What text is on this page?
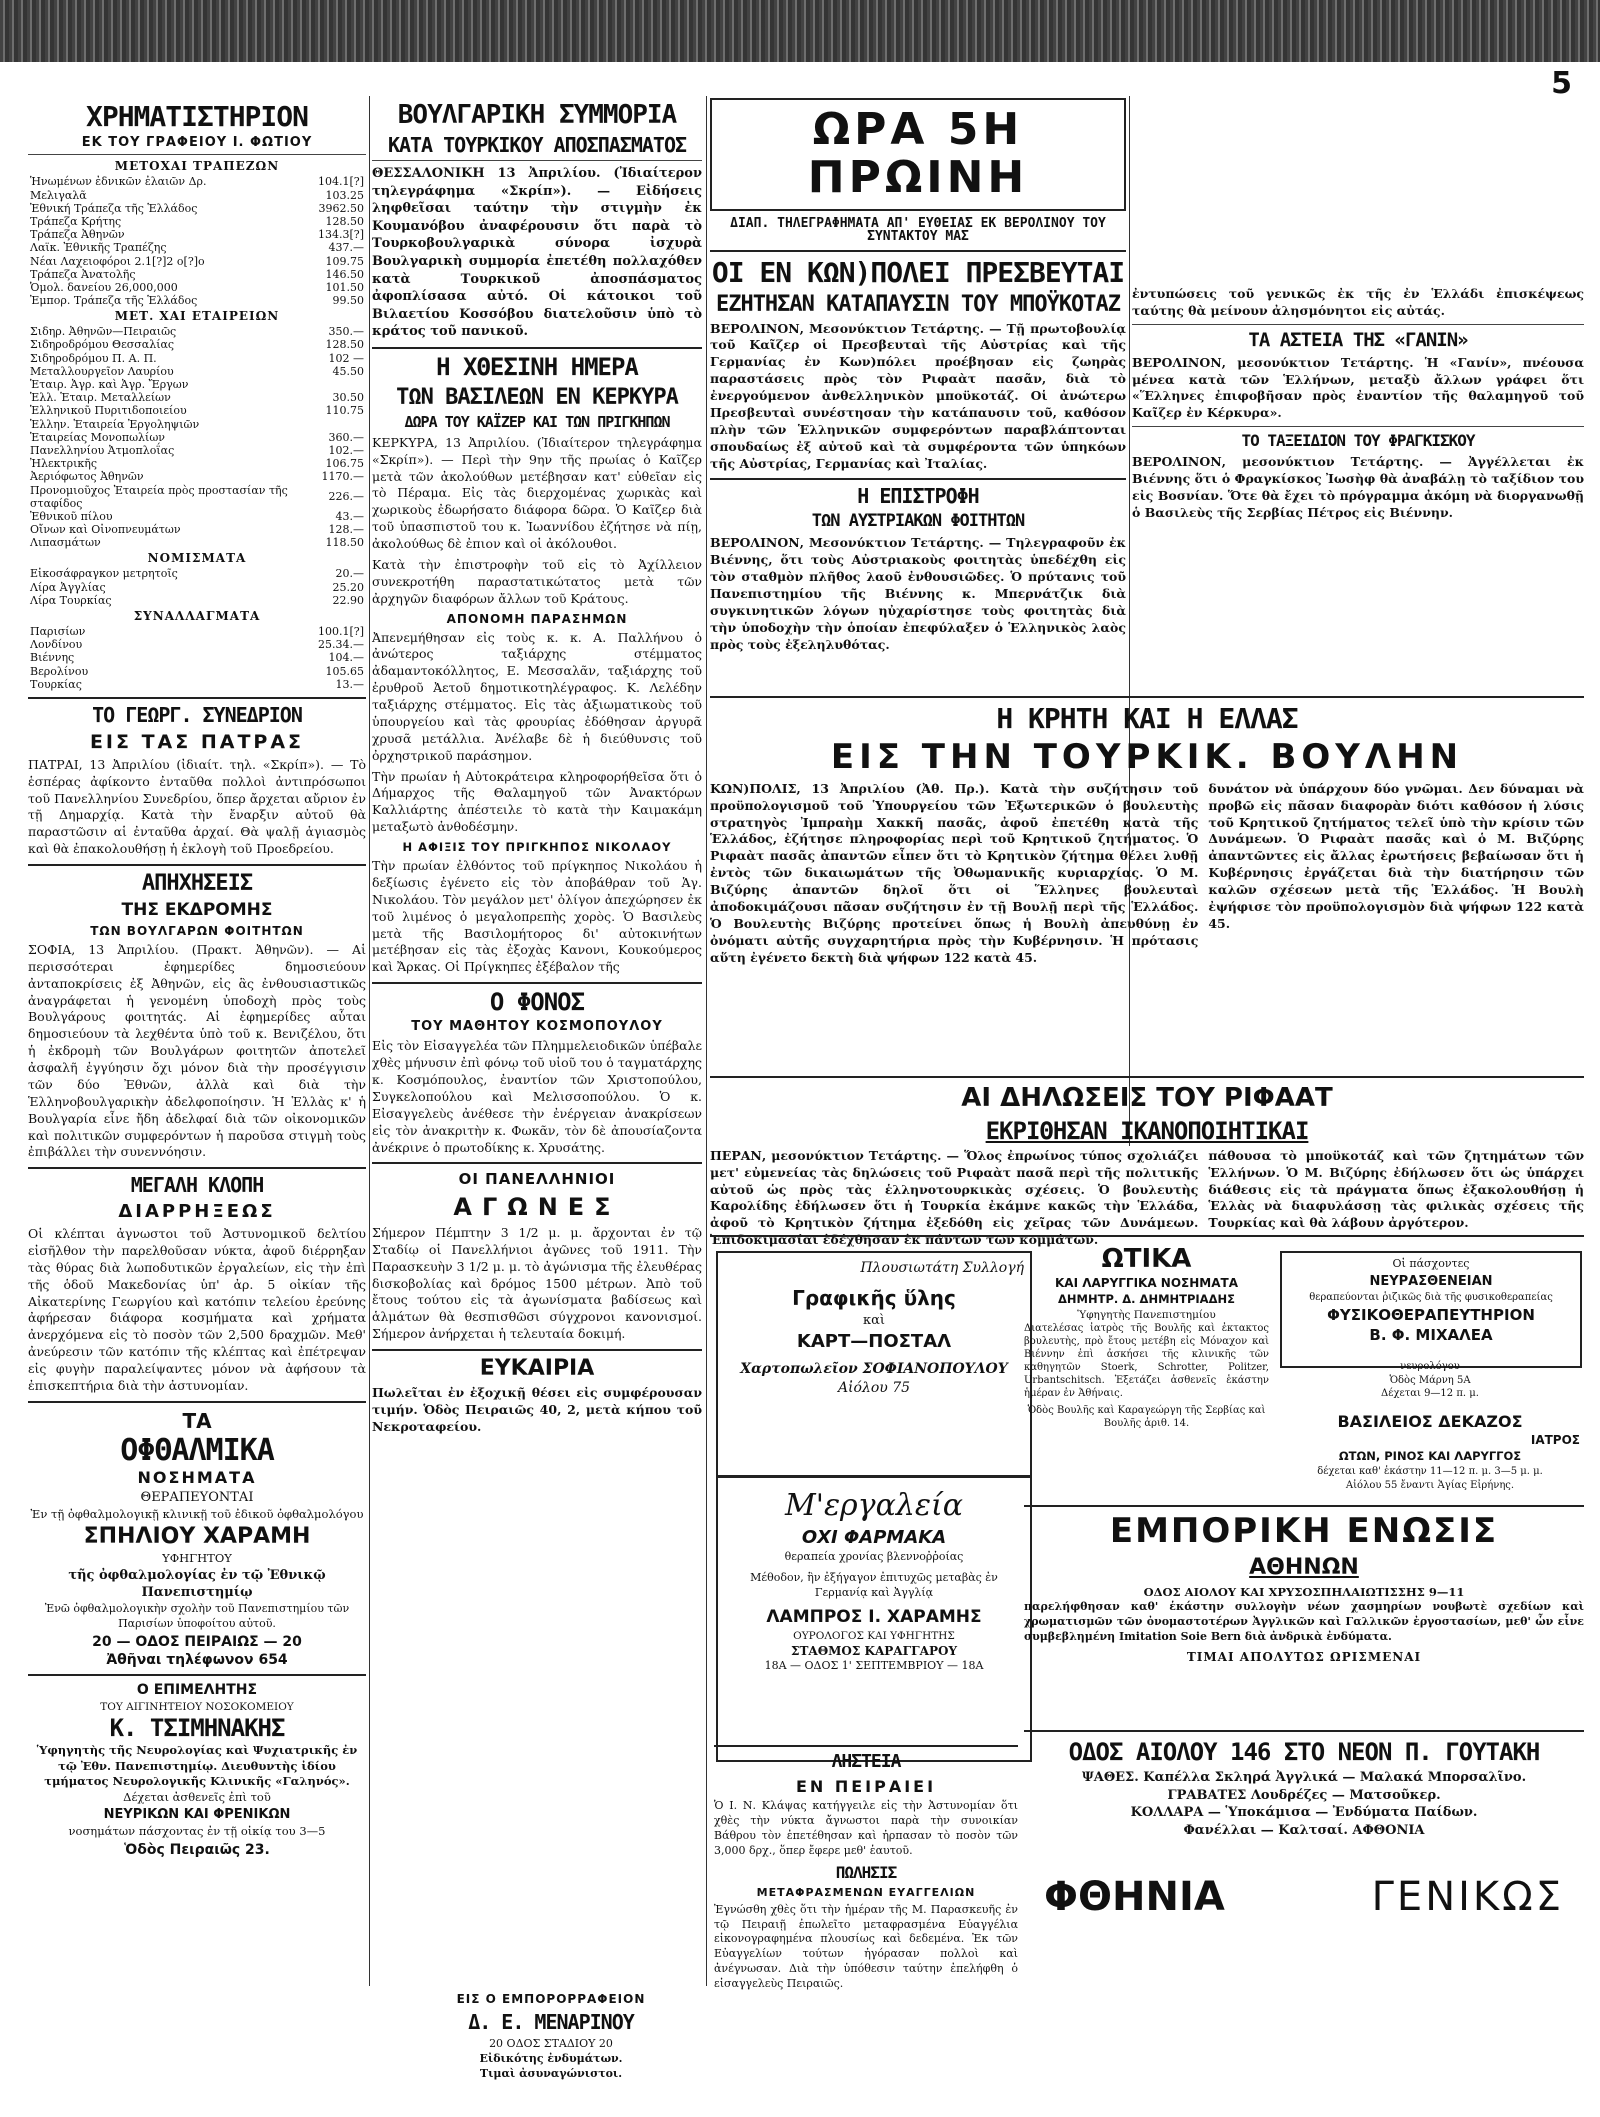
5
ΧΡΗΜΑΤΙΣΤΗΡΙΟΝ
ΕΚ ΤΟΥ ΓΡΑΦΕΙΟΥ Ι. ΦΩΤΙΟΥ
ΜΕΤΟΧΑΙ ΤΡΑΠΕΖΩΝ
Ἡνωμένων ἐδνικῶν ἐλαιῶν Δρ.	104.1[?]
Μελιγαλᾶ	103.25
Ἐθνική Τράπεζα τῆς Ἑλλάδος	3962.50
Τράπεζα Κρήτης	128.50
Τράπεζα Ἀθηνῶν	134.3[?]
Λαϊκ. Ἐθνικῆς Τραπέζης	437.—
Νέαι Λαχειοφόροι 2.1[?]2 ο[?]ο	109.75
Τράπεζα Ἀνατολῆς	146.50
Ὁμολ. δανείου 26,000,000	101.50
Ἐμπορ. Τράπεζα τῆς Ἑλλάδος	99.50
ΜΕΤ. ΧΑΙ ΕΤΑΙΡΕΙΩΝ
Σιδηρ. Ἀθηνῶν—Πειραιῶς	350.—
Σιδηροδρόμου Θεσσαλίας	128.50
Σιδηροδρόμου Π. Α. Π.	102 —
Μεταλλουργεῖον Λαυρίου	45.50
Ἑταιρ. Ἀγρ. καὶ Ἀγρ. Ἔργων	
Ἑλλ. Ἑταιρ. Μεταλλείων	30.50
Ἑλληνικοῦ Πυριτιδοποιείου	110.75
Ἑλλην. Ἑταιρεία Ἐργοληψιῶν	
Ἑταιρείας Μονοπωλίων	360.—
Πανελληνίου Ἀτμοπλοΐας	102.—
Ἠλεκτρικῆς	106.75
Ἀεριόφωτος Ἀθηνῶν	1170.—
Προνομιοῦχος Ἑταιρεία πρὸς προστασίαν τῆς σταφίδος	226.—
Ἐθνικοῦ πίλου	43.—
Οἴνων καὶ Οἰνοπνευμάτων	128.—
Λιπασμάτων	118.50
ΝΟΜΙΣΜΑΤΑ
Εἰκοσάφραγκον μετρητοῖς	20.—
Λίρα Ἀγγλίας	25.20
Λίρα Τουρκίας	22.90
ΣΥΝΑΛΛΑΓΜΑΤΑ
Παρισίων	100.1[?]
Λονδίνου	25.34.—
Βιέννης	104.—
Βερολίνου	105.65
Τουρκίας	13.—
ΤΟ ΓΕΩΡΓ. ΣΥΝΕΔΡΙΟΝ
ΕΙΣ ΤΑΣ ΠΑΤΡΑΣ

ΠΑΤΡΑΙ, 13 Ἀπριλίου (ἰδιαίτ. τηλ. «Σκρίπ»). — Τὸ ἑσπέρας ἀφίκοντο ἐνταῦθα πολλοὶ ἀντιπρόσωποι τοῦ Πανελληνίου Συνεδρίου, ὅπερ ἄρχεται αὔριον ἐν τῇ Δημαρχίᾳ. Κατὰ τὴν ἔναρξιν αὐτοῦ θὰ παραστῶσιν αἱ ἐνταῦθα ἀρχαί. Θὰ ψαλῇ ἁγιασμὸς καὶ θὰ ἐπακολουθήσῃ ἡ ἐκλογὴ τοῦ Προεδρείου.

ΑΠΗΧΗΣΕΙΣ
ΤΗΣ ΕΚΔΡΟΜΗΣ
ΤΩΝ ΒΟΥΛΓΑΡΩΝ ΦΟΙΤΗΤΩΝ

ΣΟΦΙΑ, 13 Ἀπριλίου. (Πρακτ. Ἀθηνῶν). — Αἱ περισσότεραι ἐφημερίδες δημοσιεύουν ἀνταποκρίσεις ἐξ Ἀθηνῶν, εἰς ἃς ἐνθουσιαστικῶς ἀναγράφεται ἡ γενομένη ὑποδοχὴ πρὸς τοὺς Βουλγάρους φοιτητάς. Αἱ ἐφημερίδες αὗται δημοσιεύουν τὰ λεχθέντα ὑπὸ τοῦ κ. Βενιζέλου, ὅτι ἡ ἐκδρομὴ τῶν Βουλγάρων φοιτητῶν ἀποτελεῖ ἀσφαλῆ ἐγγύησιν ὄχι μόνον διὰ τὴν προσέγγισιν τῶν δύο Ἐθνῶν, ἀλλὰ καὶ διὰ τὴν Ἑλληνοβουλγαρικὴν ἀδελφοποίησιν. Ἡ Ἑλλὰς κ' ἡ Βουλγαρία εἶνε ἤδη ἀδελφαί διὰ τῶν οἰκονομικῶν καὶ πολιτικῶν συμφερόντων ἡ παροῦσα στιγμὴ τοὺς ἐπιβάλλει τὴν συνεννόησιν.

ΜΕΓΑΛΗ ΚΛΟΠΗ
ΔΙΑΡΡΗΞΕΩΣ

Οἱ κλέπται ἀγνωστοι τοῦ Ἀστυνομικοῦ δελτίου εἰσῆλθον τὴν παρελθοῦσαν νύκτα, ἀφοῦ διέρρηξαν τὰς θύρας διὰ λωποδυτικῶν ἐργαλείων, εἰς τὴν ἐπὶ τῆς ὁδοῦ Μακεδονίας ὑπ' ἀρ. 5 οἰκίαν τῆς Αἰκατερίνης Γεωργίου καὶ κατόπιν τελείου ἐρεύνης ἀφήρεσαν διάφορα κοσμήματα καὶ χρήματα ἀνερχόμενα εἰς τὸ ποσὸν τῶν 2,500 δραχμῶν. Μεθ' ἀνεύρεσιν τῶν κατόπιν τῆς κλέπτας καὶ ἐπέτρεψαν εἰς φυγὴν παραλείψαντες μόνον νὰ ἀφήσουν τὰ ἐπισκεπτήρια διὰ τὴν ἀστυνομίαν.

ΤΑ
ΟΦΘΑΛΜΙΚΑ
ΝΟΣΗΜΑΤΑ

ΘΕΡΑΠΕΥΟΝΤΑΙ

Ἐν τῇ ὀφθαλμολογικῇ κλινικῇ τοῦ ἐδικοῦ ὀφθαλμολόγου

ΣΠΗΛΙΟΥ ΧΑΡΑΜΗ

ΥΦΗΓΗΤΟΥ

τῆς ὀφθαλμολογίας ἐν τῷ Ἐθνικῷ Πανεπιστημίῳ

Ἐνῶ ὀφθαλμολογικὴν σχολὴν τοῦ Πανεπιστημίου τῶν Παρισίων ὑποφοίτου αὐτοῦ.

20 — ΟΔΟΣ ΠΕΙΡΑΙΩΣ — 20
Ἀθῆναι τηλέφωνον 654
Ο ΕΠΙΜΕΛΗΤΗΣ

ΤΟΥ ΑΙΓΙΝΗΤΕΙΟΥ ΝΟΣΟΚΟΜΕΙΟΥ

Κ. ΤΣΙΜΗΝΑΚΗΣ

Ὑφηγητὴς τῆς Νευρολογίας καὶ Ψυχιατρικῆς ἐν τῷ Ἐθν. Πανεπιστημίῳ. Διευθυντὴς ἰδίου τμήματος Νευρολογικῆς Κλινικῆς «Γαληνός».

Δέχεται ἀσθενεῖς ἐπὶ τοῦ

ΝΕΥΡΙΚΩΝ ΚΑΙ ΦΡΕΝΙΚΩΝ

νοσημάτων πάσχοντας ἐν τῇ οἰκίᾳ του 3—5

Ὁδὸς Πειραιῶς 23.
ΒΟΥΛΓΑΡΙΚΗ ΣΥΜΜΟΡΙΑ
ΚΑΤΑ ΤΟΥΡΚΙΚΟΥ ΑΠΟΣΠΑΣΜΑΤΟΣ

ΘΕΣΣΑΛΟΝΙΚΗ 13 Ἀπριλίου. (Ἰδιαίτερον τηλεγράφημα «Σκρίπ»). — Εἰδήσεις ληφθεῖσαι ταύτην τὴν στιγμὴν ἐκ Κουμανόβου ἀναφέρουσιν ὅτι παρὰ τὸ Τουρκοβουλγαρικὰ σύνορα ἰσχυρὰ Βουλγαρικὴ συμμορία ἐπετέθη πολλαχόθεν κατὰ Τουρκικοῦ ἀποσπάσματος ἀφοπλίσασα αὐτό. Οἱ κάτοικοι τοῦ Βιλαετίου Κοσσόβου διατελοῦσιν ὑπὸ τὸ κράτος τοῦ πανικοῦ.

Η ΧΘΕΣΙΝΗ ΗΜΕΡΑ
ΤΩΝ ΒΑΣΙΛΕΩΝ ΕΝ ΚΕΡΚΥΡΑ
ΔΩΡΑ ΤΟΥ ΚΑΪΖΕΡ ΚΑΙ ΤΩΝ ΠΡΙΓΚΗΠΩΝ

ΚΕΡΚΥΡΑ, 13 Ἀπριλίου. (Ἰδιαίτερον τηλεγράφημα «Σκρίπ»). — Περὶ τὴν 9ην τῆς πρωίας ὁ Καῖζερ μετὰ τῶν ἀκολούθων μετέβησαν κατ' εὐθεῖαν εἰς τὸ Πέραμα. Εἰς τὰς διερχομένας χωρικὰς καὶ χωρικοὺς ἐδωρήσατο διάφορα δῶρα. Ὁ Καῖζερ διὰ τοῦ ὑπασπιστοῦ του κ. Ἰωαννίδου ἐζήτησε νὰ πίῃ, ἀκολούθως δὲ ἐπιον καὶ οἱ ἀκόλουθοι.

Κατὰ τὴν ἐπιστροφὴν τοῦ εἰς τὸ Ἀχίλλειον συνεκροτήθη παραστατικώτατος μετὰ τῶν ἀρχηγῶν διαφόρων ἄλλων τοῦ Κράτους.

ΑΠΟΝΟΜΗ ΠΑΡΑΣΗΜΩΝ

Ἀπενεμήθησαν εἰς τοὺς κ. κ. Α. Παλλήνου ὁ ἀνώτερος ταξιάρχης στέμματος ἀδαμαντοκόλλητος, Ε. Μεσσαλᾶν, ταξιάρχης τοῦ ἐρυθροῦ Ἀετοῦ δημοτικοτηλέγραφος. Κ. Λελέδην ταξιάρχης στέμματος. Εἰς τὰς ἀξιωματικοὺς τοῦ ὑπουργείου καὶ τὰς φρουρίας ἐδόθησαν ἀργυρᾶ χρυσᾶ μετάλλια. Ἀνέλαβε δὲ ἡ διεύθυνσις τοῦ ὀρχηστρικοῦ παράσημον.

Τὴν πρωίαν ἡ Αὐτοκράτειρα κληροφορήθεῖσα ὅτι ὁ Δήμαρχος τῆς Θαλαμηγοῦ τῶν Ἀνακτόρων Καλλιάρτης ἀπέστειλε τὸ κατὰ τὴν Καιμακάμη μεταξωτὸ ἀνθοδέσμην.

Η ΑΦΙΞΙΣ ΤΟΥ ΠΡΙΓΚΗΠΟΣ ΝΙΚΟΛΑΟΥ

Τὴν πρωίαν ἐλθόντος τοῦ πρίγκηπος Νικολάου ἡ δεξίωσις ἐγένετο εἰς τὸν ἀποβάθραν τοῦ Ἁγ. Νικολάου. Τὸν μεγάλον μετ' ὀλίγον ἀπεχώρησεν ἐκ τοῦ λιμένος ὁ μεγαλοπρεπὴς χορὸς. Ὁ Βασιλεὺς μετὰ τῆς Βασιλομήτορος δι' αὐτοκινήτων μετέβησαν εἰς τὰς ἐξοχὰς Κανονι, Κουκούμερος καὶ Ἄρκας. Οἱ Πρίγκηπες ἐξέβαλον τῆς

Ο ΦΟΝΟΣ
ΤΟΥ ΜΑΘΗΤΟΥ ΚΟΣΜΟΠΟΥΛΟΥ

Εἰς τὸν Εἰσαγγελέα τῶν Πλημμελειοδικῶν ὑπέβαλε χθὲς μήνυσιν ἐπὶ φόνῳ τοῦ υἱοῦ του ὁ ταγματάρχης κ. Κοσμόπουλος, ἐναντίον τῶν Χριστοπούλου, Συγκελοπούλου καὶ Μελισσοπούλου. Ὁ κ. Εἰσαγγελεὺς ἀνέθεσε τὴν ἐνέργειαν ἀνακρίσεων εἰς τὸν ἀνακριτὴν κ. Φωκᾶν, τὸν δὲ ἀπουσίαζοντα ἀνέκρινε ὁ πρωτοδίκης κ. Χρυσάτης.

ΟΙ ΠΑΝΕΛΛΗΝΙΟΙ
ΑΓΩΝΕΣ

Σήμερον Πέμπτην 3 1/2 μ. μ. ἄρχονται ἐν τῷ Σταδίῳ οἱ Πανελλήνιοι ἀγῶνες τοῦ 1911. Τὴν Παρασκευὴν 3 1/2 μ. μ. τὸ ἀγώνισμα τῆς ἐλευθέρας δισκοβολίας καὶ δρόμος 1500 μέτρων. Ἀπὸ τοῦ ἔτους τούτου εἰς τὰ ἀγωνίσματα βαδίσεως καὶ ἁλμάτων θὰ θεσπισθῶσι σύγχρονοι κανονισμοί. Σήμερον ἀνήρχεται ἡ τελευταία δοκιμή.

ΕΥΚΑΙΡΙΑ

Πωλεῖται ἐν ἐξοχικῇ θέσει εἰς συμφέρουσαν τιμήν. Ὁδὸς Πειραιῶς 40, 2, μετὰ κήπου τοῦ Νεκροταφείου.

ΩΡΑ 5Η ΠΡΩΙΝΗ
ΔΙΑΠ. ΤΗΛΕΓΡΑΦΗΜΑΤΑ ΑΠ' ΕΥΘΕΙΑΣ ΕΚ ΒΕΡΟΛΙΝΟΥ ΤΟΥ ΣΥΝΤΑΚΤΟΥ ΜΑΣ
ΟΙ ΕΝ ΚΩΝ)ΠΟΛΕΙ ΠΡΕΣΒΕΥΤΑΙ
ΕΖΗΤΗΣΑΝ ΚΑΤΑΠΑΥΣΙΝ ΤΟΥ ΜΠΟΫΚΟΤΑΖ

ΒΕΡΟΛΙΝΟΝ, Μεσονύκτιον Τετάρτης. — Τῇ πρωτοβουλίᾳ τοῦ Καῖζερ οἱ Πρεσβευταὶ τῆς Αὐστρίας καὶ τῆς Γερμανίας ἐν Κων)πόλει προέβησαν εἰς ζωηρὰς παραστάσεις πρὸς τὸν Ριφαὰτ πασᾶν, διὰ τὸ ἐνεργούμενον ἀνθελληνικὸν μποϋκοτάζ. Οἱ ἀνώτερω Πρεσβευταὶ συνέστησαν τὴν κατάπαυσιν τοῦ, καθόσον πλὴν τῶν Ἑλληνικῶν συμφερόντων παραβλάπτονται σπουδαίως ἐξ αὐτοῦ καὶ τὰ συμφέροντα τῶν ὑπηκόων τῆς Αὐστρίας, Γερμανίας καὶ Ἰταλίας.

Η ΕΠΙΣΤΡΟΦΗ
ΤΩΝ ΑΥΣΤΡΙΑΚΩΝ ΦΟΙΤΗΤΩΝ

ΒΕΡΟΛΙΝΟΝ, Μεσονύκτιον Τετάρτης. — Τηλεγραφοῦν ἐκ Βιέννης, ὅτι τοὺς Αὐστριακοὺς φοιτητὰς ὑπεδέχθη εἰς τὸν σταθμὸν πλῆθος λαοῦ ἐνθουσιῶδες. Ὁ πρύτανις τοῦ Πανεπιστημίου τῆς Βιέννης κ. Μπερνάτζικ διὰ συγκινητικῶν λόγων ηὐχαρίστησε τοὺς φοιτητὰς διὰ τὴν ὑποδοχὴν τὴν ὁποίαν ἐπεφύλαξεν ὁ Ἑλληνικὸς λαὸς πρὸς τοὺς ἐξεληλυθότας.

ἐντυπώσεις τοῦ γενικῶς ἐκ τῆς ἐν Ἑλλάδι ἐπισκέψεως ταύτης θὰ μείνουν ἀλησμόνητοι εἰς αὐτάς.

ΤΑ ΑΣΤΕΙΑ ΤΗΣ «ΓΑΝΙΝ»

ΒΕΡΟΛΙΝΟΝ, μεσονύκτιον Τετάρτης. Ἡ «Γανίν», πνέουσα μένεα κατὰ τῶν Ἑλλήνων, μεταξὺ ἄλλων γράφει ὅτι «Ἕλληνες ἐπιφοβῆσαν πρὸς ἐναντίον τῆς θαλαμηγοῦ τοῦ Καῖζερ ἐν Κέρκυρα».

ΤΟ ΤΑΞΕΙΔΙΟΝ ΤΟΥ ΦΡΑΓΚΙΣΚΟΥ

ΒΕΡΟΛΙΝΟΝ, μεσονύκτιον Τετάρτης. — Ἀγγέλλεται ἐκ Βιέννης ὅτι ὁ Φραγκίσκος Ἰωσὴφ θὰ ἀναβάλῃ τὸ ταξίδιον του εἰς Βοσνίαν. Ὅτε θὰ ἔχει τὸ πρόγραμμα ἀκόμη νὰ διοργανωθῇ ὁ Βασιλεὺς τῆς Σερβίας Πέτρος εἰς Βιέννην.

Η ΚΡΗΤΗ ΚΑΙ Η ΕΛΛΑΣ
ΕΙΣ ΤΗΝ ΤΟΥΡΚΙΚ. ΒΟΥΛΗΝ

ΚΩΝ)ΠΟΛΙΣ, 13 Ἀπριλίου (Ἀθ. Πρ.). Κατὰ τὴν συζήτησιν τοῦ προϋπολογισμοῦ τοῦ Ὑπουργείου τῶν Ἐξωτερικῶν ὁ βουλευτὴς στρατηγὸς Ἰμπραὴμ Χακκῆ πασᾶς, ἀφοῦ ἐπετέθη κατὰ τῆς Ἑλλάδος, ἐζήτησε πληροφορίας περὶ τοῦ Κρητικοῦ ζητήματος. Ὁ Ριφαὰτ πασᾶς ἀπαντῶν εἶπεν ὅτι τὸ Κρητικὸν ζήτημα θέλει λυθῇ ἐντὸς τῶν δικαιωμάτων τῆς Ὀθωμανικῆς κυριαρχίας. Ὁ Μ. Βιζύρης ἀπαντῶν δηλοῖ ὅτι οἱ Ἕλληνες βουλευταὶ ἀποδοκιμάζουσι πᾶσαν συζήτησιν ἐν τῇ Βουλῇ περὶ τῆς Ἑλλάδος. Ὁ Βουλευτὴς Βιζύρης προτείνει ὅπως ἡ Βουλὴ ἀπευθύνῃ ἐν ὀνόματι αὐτῆς συγχαρητήρια πρὸς τὴν Κυβέρνησιν. Ἡ πρότασις αὕτη ἐγένετο δεκτὴ διὰ ψήφων 122 κατὰ 45.

δυνάτον νὰ ὑπάρχουν δύο γνῶμαι. Δεν δύναμαι νὰ προβῶ εἰς πᾶσαν διαφορὰν διότι καθόσον ἡ λύσις τοῦ Κρητικοῦ ζητήματος τελεῖ ὑπὸ τὴν κρίσιν τῶν Δυνάμεων. Ὁ Ριφαὰτ πασᾶς καὶ ὁ Μ. Βιζύρης ἀπαντῶντες εἰς ἄλλας ἐρωτήσεις βεβαίωσαν ὅτι ἡ Κυβέρνησις ἐργάζεται διὰ τὴν διατήρησιν τῶν καλῶν σχέσεων μετὰ τῆς Ἑλλάδος. Ἡ Βουλὴ ἐψήφισε τὸν προϋπολογισμὸν διὰ ψήφων 122 κατὰ 45.

ΑΙ ΔΗΛΩΣΕΙΣ ΤΟΥ ΡΙΦΑΑΤ
ΕΚΡΙΘΗΣΑΝ ΙΚΑΝΟΠΟΙΗΤΙΚΑΙ

ΠΕΡΑΝ, μεσονύκτιον Τετάρτης. — Ὅλος ἐπρωίνος τύπος σχολιάζει μετ' εὐμενείας τὰς δηλώσεις τοῦ Ριφαὰτ πασᾶ περὶ τῆς πολιτικῆς αὐτοῦ ὡς πρὸς τὰς ἑλληνοτουρκικὰς σχέσεις. Ὁ βουλευτὴς Καρολίδης ἐδήλωσεν ὅτι ἡ Τουρκία ἐκάμνε κακῶς τὴν Ἑλλάδα, ἀφοῦ τὸ Κρητικὸν ζήτημα ἐξεδόθη εἰς χεῖρας τῶν Δυνάμεων. Ἐπιδοκιμασίαι ἐδέχθησαν ἐκ πάντων τῶν κομμάτων.

πάθουσα τὸ μποϋκοτάζ καὶ τῶν ζητημάτων τῶν Ἑλλήνων. Ὁ Μ. Βιζύρης ἐδήλωσεν ὅτι ὡς ὑπάρχει διάθεσις εἰς τὰ πράγματα ὅπως ἐξακολουθήσῃ ἡ Ἑλλὰς νὰ διαφυλάσσῃ τὰς φιλικὰς σχέσεις τῆς Τουρκίας καὶ θὰ λάβουν ἀργότερον.

Πλουσιωτάτη Συλλογή

Γραφικῆς ὕλης

καὶ

ΚΑΡΤ—ΠΟΣΤΑΛ

Χαρτοπωλεῖον ΣΟΦΙΑΝΟΠΟΥΛΟΥ

Αἰόλου 75

Μ'εργαλεία
ΟΧΙ ΦΑΡΜΑΚΑ

θεραπεία χρονίας βλεννοῤῥοίας

Μέθοδον, ἣν ἐξήγαγον ἐπιτυχῶς μεταβὰς ἐν Γερμανίᾳ καὶ Ἀγγλίᾳ

ΛΑΜΠΡΟΣ Ι. ΧΑΡΑΜΗΣ

ΟΥΡΟΛΟΓΟΣ ΚΑΙ ΥΦΗΓΗΤΗΣ

ΣΤΑΘΜΟΣ ΚΑΡΑΓΓΑΡΟΥ

18Α — ΟΔΟΣ 1' ΣΕΠΤΕΜΒΡΙΟΥ — 18Α

ΩΤΙΚΑ
ΚΑΙ ΛΑΡΥΓΓΙΚΑ ΝΟΣΗΜΑΤΑ
ΔΗΜΗΤΡ. Δ. ΔΗΜΗΤΡΙΑΔΗΣ

Ὑφηγητὴς Πανεπιστημίου

Διατελέσας ἰατρὸς τῆς Βουλῆς καὶ ἐκτακτος βουλευτὴς, πρὸ ἔτους μετέβη εἰς Μόναχον καὶ Βιέννην ἐπὶ ἀσκήσει τῆς κλινικῆς τῶν καθηγητῶν Stoerk, Schrotter, Politzer, Urbantschitsch. Ἐξετάζει ἀσθενεῖς ἑκάστην ἡμέραν ἐν Ἀθήναις.

Ὁδὸς Βουλῆς καὶ Καραγεώργη τῆς Σερβίας καὶ Βουλῆς ἀριθ. 14.

Οἱ πάσχοντες

ΝΕΥΡΑΣΘΕΝΕΙΑΝ

θεραπεύονται ῥιζικῶς διὰ τῆς φυσικοθεραπείας

ΦΥΣΙΚΟΘΕΡΑΠΕΥΤΗΡΙΟΝ
Β. Φ. ΜΙΧΑΛΕΑ

νευρολόγου

Ὁδὸς Μάρνη 5Α

Δέχεται 9—12 π. μ.

ΒΑΣΙΛΕΙΟΣ ΔΕΚΑΖΟΣ
ΙΑΤΡΟΣ
ΩΤΩΝ, ΡΙΝΟΣ ΚΑΙ ΛΑΡΥΓΓΟΣ

δέχεται καθ' ἑκάστην 11—12 π. μ. 3—5 μ. μ.

Αἰόλου 55 ἔναντι Ἁγίας Εἰρήνης.

ΕΜΠΟΡΙΚΗ ΕΝΩΣΙΣ
ΑΘΗΝΩΝ

ΟΔΟΣ ΑΙΟΛΟΥ ΚΑΙ ΧΡΥΣΟΣΠΗΛΑΙΩΤΙΣΣΗΣ 9—11

παρελήφθησαν καθ' ἑκάστην συλλογὴν νέων χασμηρίων νουβωτὲ σχεδίων καὶ χρωματισμῶν τῶν ὀνομαστοτέρων Ἀγγλικῶν καὶ Γαλλικῶν ἐργοστασίων, μεθ' ὧν εἶνε συμβεβλημένη Imitation Soie Bern διὰ ἀνδρικὰ ἐνδύματα.

ΤΙΜΑΙ ΑΠΟΛΥΤΩΣ ΩΡΙΣΜΕΝΑΙ

ΟΔΟΣ ΑΙΟΛΟΥ 146 ΣΤΟ ΝΕΟΝ Π. ΓΟΥΤΑΚΗ

ΨΑΘΕΣ. Καπέλλα Σκληρά Ἀγγλικά — Μαλακά Μπορσαλῖνο.

ΓΡΑΒΑΤΕΣ Λουδρέζες — Ματσοῦκερ.

ΚΟΛΛΑΡΑ — Ὑποκάμισα — Ἐνδύματα Παίδων.

Φανέλλαι — Καλτσαί. ΑΦΘΟΝΙΑ

ΦΘΗΝΙΑ	ΓΕΝΙΚΩΣ
ΛΗΣΤΕΙΑ
ΕΝ ΠΕΙΡΑΙΕΙ

Ὁ Ι. Ν. Κλάψας κατήγγειλε εἰς τὴν Ἀστυνομίαν ὅτι χθὲς τὴν νύκτα ἄγνωστοι παρὰ τὴν συνοικίαν Βάθρου τὸν ἐπετέθησαν καὶ ἠρπασαν τὸ ποσὸν τῶν 3,000 δρχ., ὅπερ ἔφερε μεθ' ἑαυτοῦ.

ΠΩΛΗΣΙΣ
ΜΕΤΑΦΡΑΣΜΕΝΩΝ ΕΥΑΓΓΕΛΙΩΝ

Ἐγνώσθη χθὲς ὅτι τὴν ἡμέραν τῆς Μ. Παρασκευῆς ἐν τῷ Πειραιῇ ἐπωλεῖτο μεταφρασμένα Εὐαγγέλια εἰκονογραφημένα πλουσίως καὶ δεδεμένα. Ἐκ τῶν Εὐαγγελίων τούτων ἠγόρασαν πολλοὶ καὶ ἀνέγνωσαν. Διὰ τὴν ὑπόθεσιν ταύτην ἐπελήφθη ὁ εἰσαγγελεὺς Πειραιῶς.

ΕΙΣ Ο ΕΜΠΟΡΟΡΡΑΦΕΙΟΝ
Δ. Ε. ΜΕΝΑΡΙΝΟΥ

20 ΟΔΟΣ ΣΤΑΔΙΟΥ 20

Εἰδικότης ἐνδυμάτων.

Τιμαὶ ἀσυναγώνιστοι.
